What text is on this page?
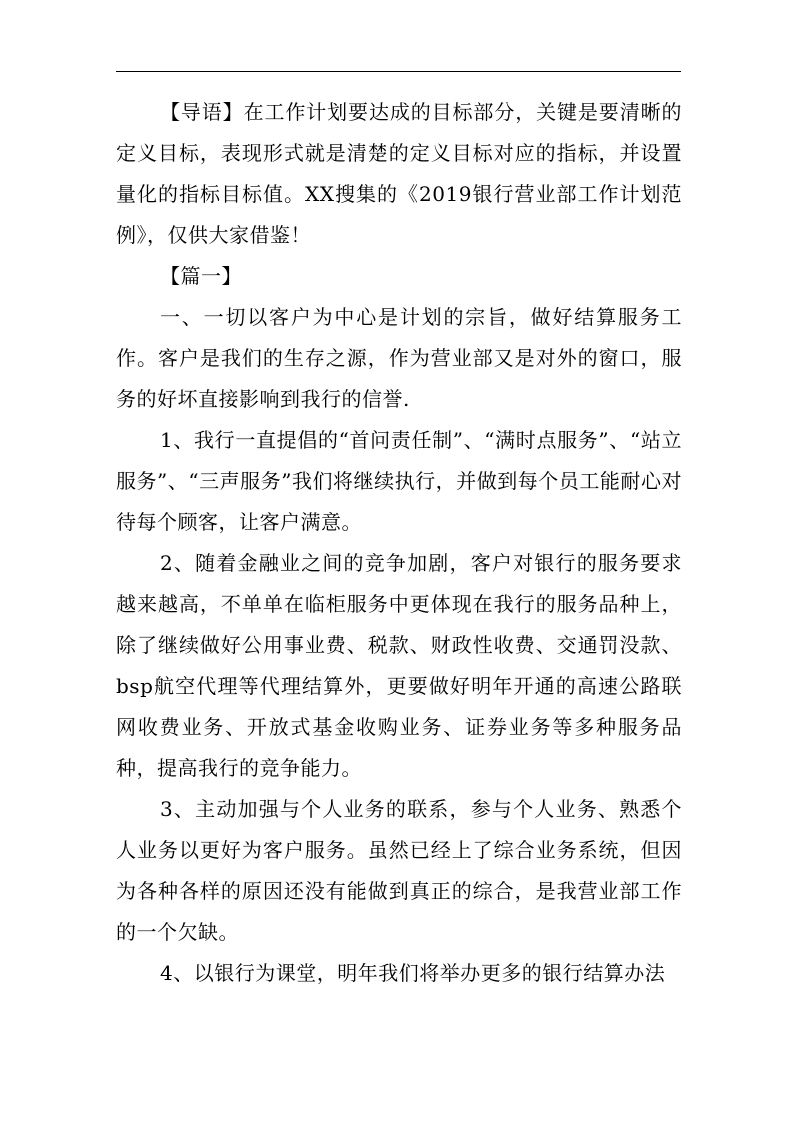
【导语】在工作计划要达成的目标部分，关键是要清晰的定义目标，表现形式就是清楚的定义目标对应的指标，并设置量化的指标目标值。XX搜集的《2019银行营业部工作计划范例》，仅供大家借鉴！

【篇一】

一、一切以客户为中心是计划的宗旨，做好结算服务工作。客户是我们的生存之源，作为营业部又是对外的窗口，服务的好坏直接影响到我行的信誉.

1、我行一直提倡的“首问责任制”、“满时点服务”、“站立服务”、“三声服务”我们将继续执行，并做到每个员工能耐心对待每个顾客，让客户满意。

2、随着金融业之间的竞争加剧，客户对银行的服务要求越来越高，不单单在临柜服务中更体现在我行的服务品种上，除了继续做好公用事业费、税款、财政性收费、交通罚没款、bsp航空代理等代理结算外，更要做好明年开通的高速公路联网收费业务、开放式基金收购业务、证券业务等多种服务品种，提高我行的竞争能力。

3、主动加强与个人业务的联系，参与个人业务、熟悉个人业务以更好为客户服务。虽然已经上了综合业务系统，但因为各种各样的原因还没有能做到真正的综合，是我营业部工作的一个欠缺。

4、以银行为课堂，明年我们将举办更多的银行结算办法
